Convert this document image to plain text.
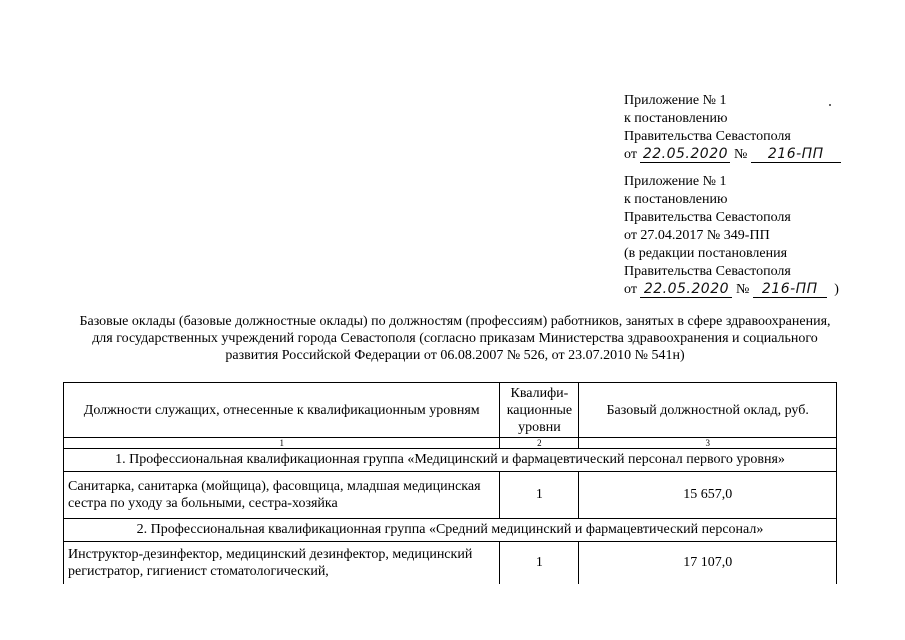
Приложение № 1
к постановлению
Правительства Севастополя
от 22.05.2020 № 216-ПП
Приложение № 1
к постановлению
Правительства Севастополя
от 27.04.2017 № 349-ПП
(в редакции постановления
Правительства Севастополя
от 22.05.2020 № 216-ПП )
Базовые оклады (базовые должностные оклады) по должностям (профессиям) работников, занятых в сфере здравоохранения, для государственных учреждений города Севастополя (согласно приказам Министерства здравоохранения и социального развития Российской Федерации от 06.08.2007 № 526, от 23.07.2010 № 541н)
Должности служащих, отнесенные к квалификационным уровням	Квалифи-кационные уровни	Базовый должностной оклад, руб.
1	2	3
1. Профессиональная квалификационная группа «Медицинский и фармацевтический персонал первого уровня»		
Санитарка, санитарка (мойщица), фасовщица, младшая медицинская сестра по уходу за больными, сестра-хозяйка	1	15 657,0
2. Профессиональная квалификационная группа «Средний медицинский и фармацевтический персонал»		
Инструктор-дезинфектор, медицинский дезинфектор, медицинский регистратор, гигиенист стоматологический,	1	17 107,0
